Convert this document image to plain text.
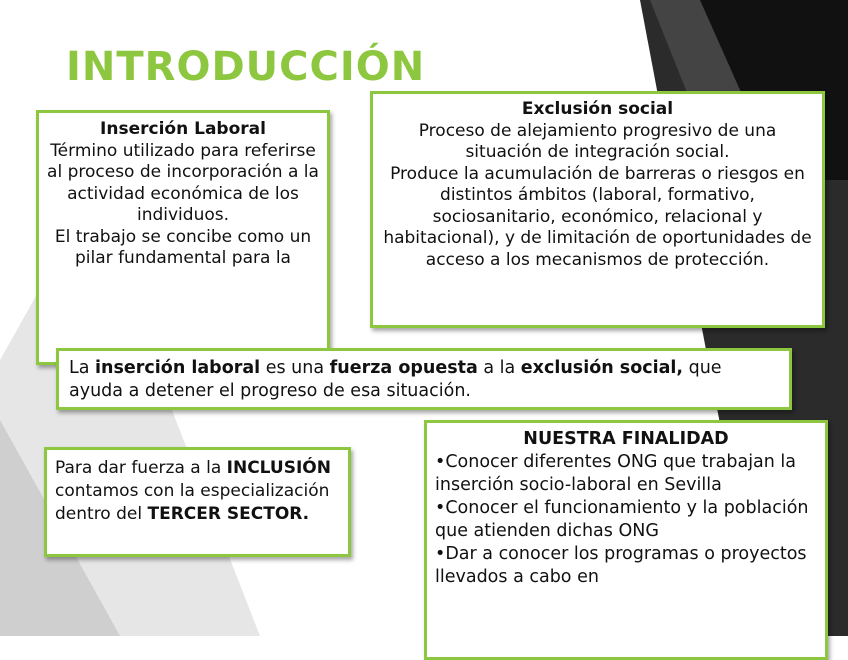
INTRODUCCIÓN

Exclusión social

Proceso de alejamiento progresivo de una situación de integración social.

Produce la acumulación de barreras o riesgos en distintos ámbitos (laboral, formativo, sociosanitario, económico, relacional y habitacional), y de limitación de oportunidades de acceso a los mecanismos de protección.

Inserción Laboral

Término utilizado para referirse al proceso de incorporación a la actividad económica de los individuos.

El trabajo se concibe como un pilar fundamental para la

La inserción laboral es una fuerza opuesta a la exclusión social, que ayuda a detener el progreso de esa situación.

Para dar fuerza a la INCLUSIÓN contamos con la especialización dentro del TERCER SECTOR.

NUESTRA FINALIDAD

•Conocer diferentes ONG que trabajan la inserción socio-laboral en Sevilla

•Conocer el funcionamiento y la población que atienden dichas ONG

•Dar a conocer los programas o proyectos llevados a cabo en
